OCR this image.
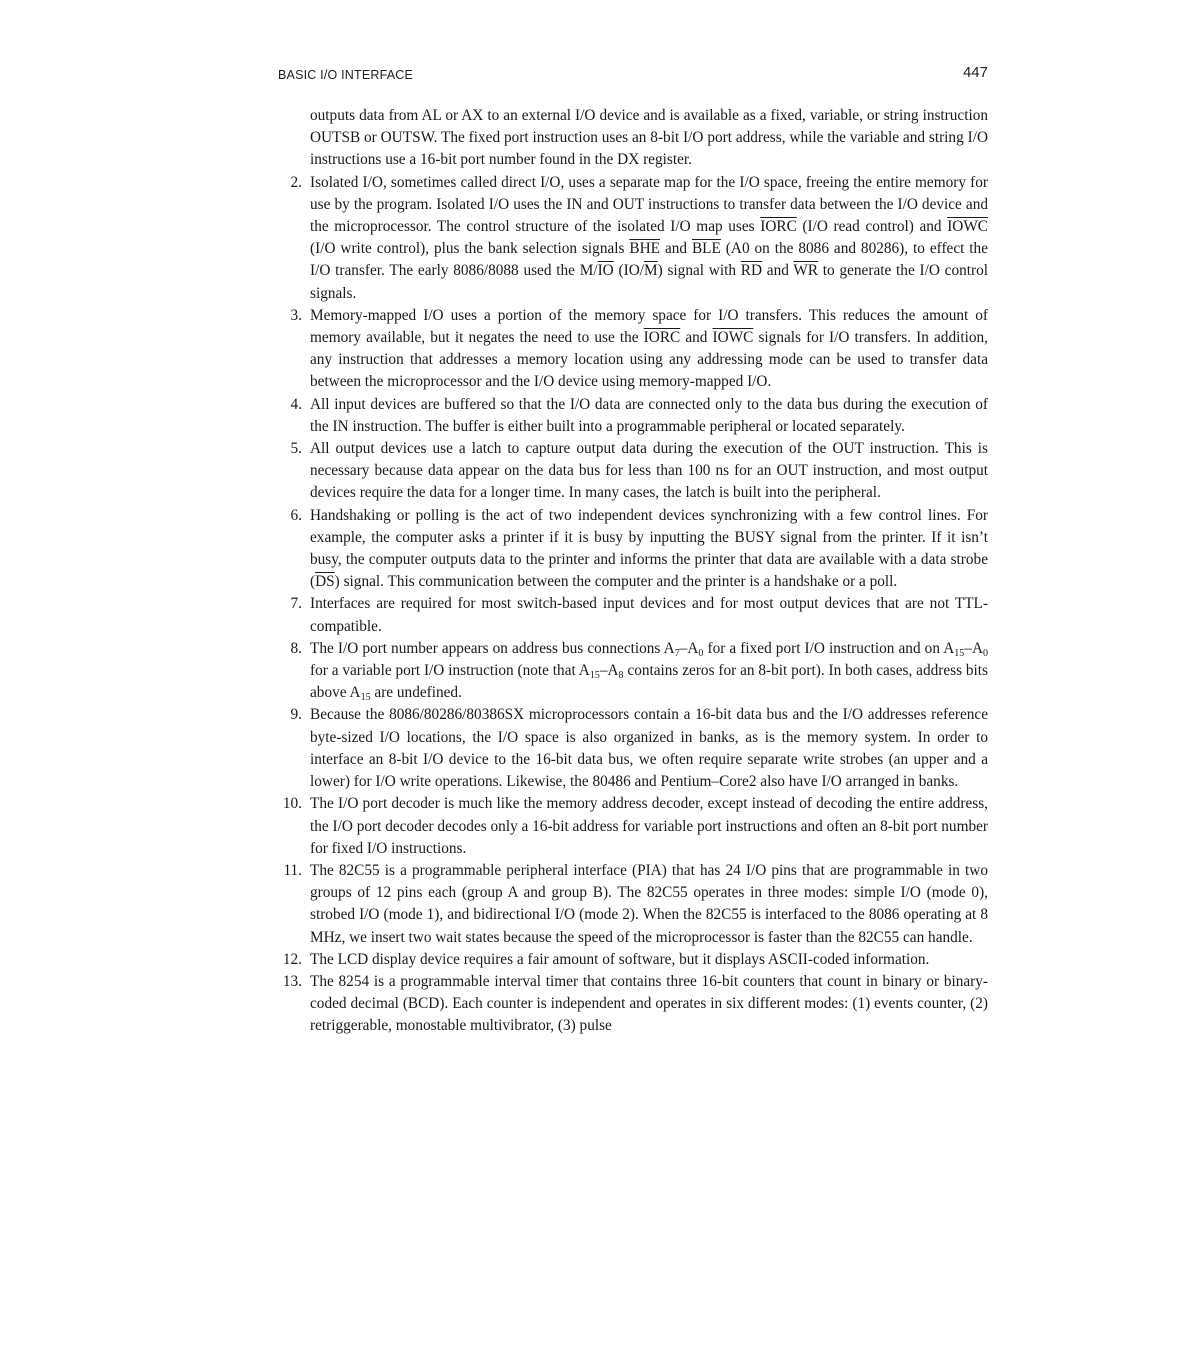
BASIC I/O INTERFACE	447

outputs data from AL or AX to an external I/O device and is available as a fixed, variable, or string instruction OUTSB or OUTSW. The fixed port instruction uses an 8-bit I/O port address, while the variable and string I/O instructions use a 16-bit port number found in the DX register.

2. Isolated I/O, sometimes called direct I/O, uses a separate map for the I/O space, freeing the entire memory for use by the program. Isolated I/O uses the IN and OUT instructions to transfer data between the I/O device and the microprocessor. The control structure of the isolated I/O map uses IORC (I/O read control) and IOWC (I/O write control), plus the bank selection signals $\overline{BHE}$ and $\overline{BLE}$ (A0 on the 8086 and 80286), to effect the I/O transfer. The early 8086/8088 used the $M/\overline{IO}$ $(IO/\overline{M})$ signal with $\overline{RD}$ and $\overline{WR}$ to generate the I/O control signals.
3. Memory-mapped I/O uses a portion of the memory space for I/O transfers. This reduces the amount of memory available, but it negates the need to use the IORC and IOWC signals for I/O transfers. In addition, any instruction that addresses a memory location using any addressing mode can be used to transfer data between the microprocessor and the I/O device using memory-mapped I/O.
4. All input devices are buffered so that the I/O data are connected only to the data bus during the execution of the IN instruction. The buffer is either built into a programmable peripheral or located separately.
5. All output devices use a latch to capture output data during the execution of the OUT instruction. This is necessary because data appear on the data bus for less than 100 ns for an OUT instruction, and most output devices require the data for a longer time. In many cases, the latch is built into the peripheral.
6. Handshaking or polling is the act of two independent devices synchronizing with a few control lines. For example, the computer asks a printer if it is busy by inputting the BUSY signal from the printer. If it isn’t busy, the computer outputs data to the printer and informs the printer that data are available with a data strobe $(\overline{DS})$ signal. This communication between the computer and the printer is a handshake or a poll.
7. Interfaces are required for most switch-based input devices and for most output devices that are not TTL-compatible.
8. The I/O port number appears on address bus connections $A_7-A_0$ for a fixed port I/O instruction and on $A_{15}-A_0$ for a variable port I/O instruction (note that $A_{15}-A_8$ contains zeros for an 8-bit port). In both cases, address bits above $A_{15}$ are undefined.
9. Because the 8086/80286/80386SX microprocessors contain a 16-bit data bus and the I/O addresses reference byte-sized I/O locations, the I/O space is also organized in banks, as is the memory system. In order to interface an 8-bit I/O device to the 16-bit data bus, we often require separate write strobes (an upper and a lower) for I/O write operations. Likewise, the 80486 and Pentium–Core2 also have I/O arranged in banks.
10. The I/O port decoder is much like the memory address decoder, except instead of decoding the entire address, the I/O port decoder decodes only a 16-bit address for variable port instructions and often an 8-bit port number for fixed I/O instructions.
11. The 82C55 is a programmable peripheral interface (PIA) that has 24 I/O pins that are programmable in two groups of 12 pins each (group A and group B). The 82C55 operates in three modes: simple I/O (mode 0), strobed I/O (mode 1), and bidirectional I/O (mode 2). When the 82C55 is interfaced to the 8086 operating at 8 MHz, we insert two wait states because the speed of the microprocessor is faster than the 82C55 can handle.
12. The LCD display device requires a fair amount of software, but it displays ASCII-coded information.
13. The 8254 is a programmable interval timer that contains three 16-bit counters that count in binary or binary-coded decimal (BCD). Each counter is independent and operates in six different modes: (1) events counter, (2) retriggerable, monostable multivibrator, (3) pulse
